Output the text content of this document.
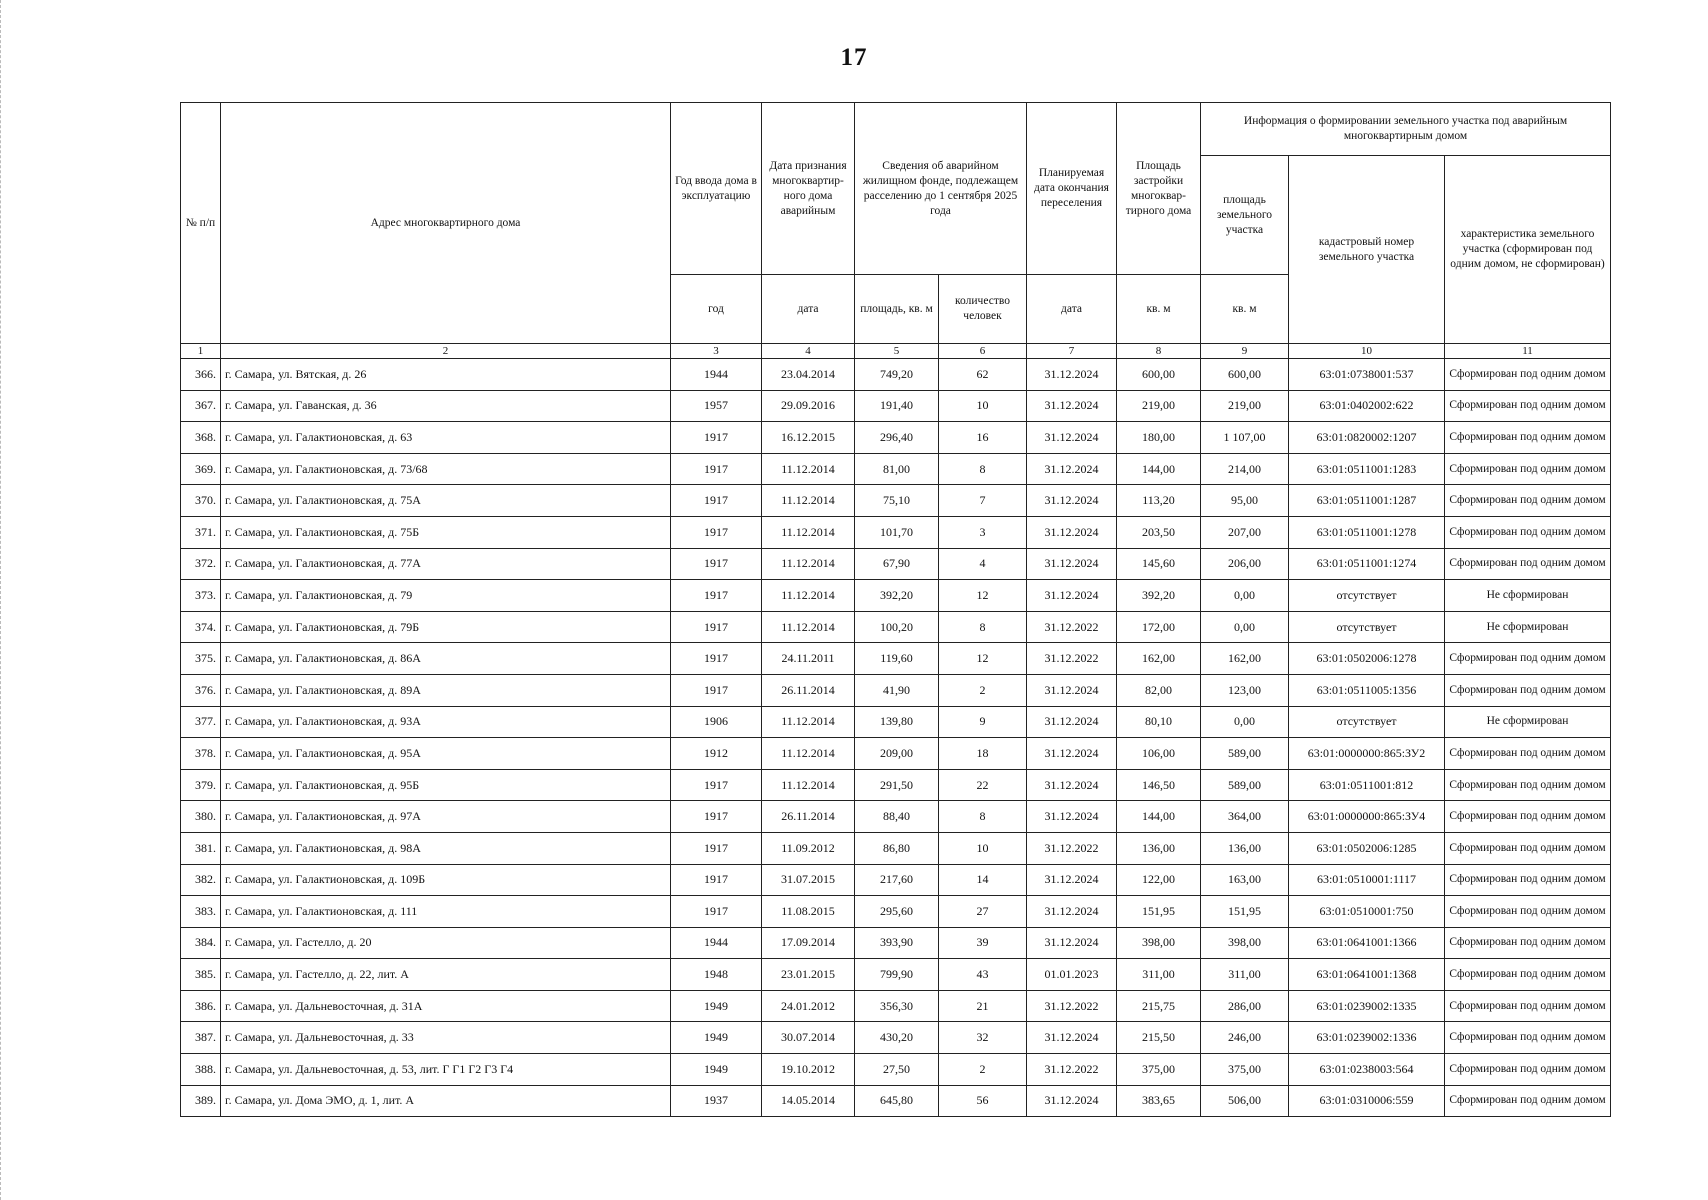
17
№ п/п	Адрес многоквартирного дома	Год ввода дома в эксплуатацию	Дата признания многоквартир-ного дома аварийным	Сведения об аварийном жилищном фонде, подлежащем расселению до 1 сентября 2025 года		Планируемая дата окончания переселения	Площадь застройки многоквар-тирного дома	Информация о формировании земельного участка под аварийным многоквартирным домом		
								площадь земельного участка	кадастровый номер земельного участка	характеристика земельного участка (сформирован под одним домом, не сформирован)
		год	дата	площадь, кв. м	количество человек	дата	кв. м	кв. м		
1	2	3	4	5	6	7	8	9	10	11
366.	г. Самара, ул. Вятская, д. 26	1944	23.04.2014	749,20	62	31.12.2024	600,00	600,00	63:01:0738001:537	Сформирован под одним домом
367.	г. Самара, ул. Гаванская, д. 36	1957	29.09.2016	191,40	10	31.12.2024	219,00	219,00	63:01:0402002:622	Сформирован под одним домом
368.	г. Самара, ул. Галактионовская, д. 63	1917	16.12.2015	296,40	16	31.12.2024	180,00	1 107,00	63:01:0820002:1207	Сформирован под одним домом
369.	г. Самара, ул. Галактионовская, д. 73/68	1917	11.12.2014	81,00	8	31.12.2024	144,00	214,00	63:01:0511001:1283	Сформирован под одним домом
370.	г. Самара, ул. Галактионовская, д. 75А	1917	11.12.2014	75,10	7	31.12.2024	113,20	95,00	63:01:0511001:1287	Сформирован под одним домом
371.	г. Самара, ул. Галактионовская, д. 75Б	1917	11.12.2014	101,70	3	31.12.2024	203,50	207,00	63:01:0511001:1278	Сформирован под одним домом
372.	г. Самара, ул. Галактионовская, д. 77А	1917	11.12.2014	67,90	4	31.12.2024	145,60	206,00	63:01:0511001:1274	Сформирован под одним домом
373.	г. Самара, ул. Галактионовская, д. 79	1917	11.12.2014	392,20	12	31.12.2024	392,20	0,00	отсутствует	Не сформирован
374.	г. Самара, ул. Галактионовская, д. 79Б	1917	11.12.2014	100,20	8	31.12.2022	172,00	0,00	отсутствует	Не сформирован
375.	г. Самара, ул. Галактионовская, д. 86А	1917	24.11.2011	119,60	12	31.12.2022	162,00	162,00	63:01:0502006:1278	Сформирован под одним домом
376.	г. Самара, ул. Галактионовская, д. 89А	1917	26.11.2014	41,90	2	31.12.2024	82,00	123,00	63:01:0511005:1356	Сформирован под одним домом
377.	г. Самара, ул. Галактионовская, д. 93А	1906	11.12.2014	139,80	9	31.12.2024	80,10	0,00	отсутствует	Не сформирован
378.	г. Самара, ул. Галактионовская, д. 95А	1912	11.12.2014	209,00	18	31.12.2024	106,00	589,00	63:01:0000000:865:ЗУ2	Сформирован под одним домом
379.	г. Самара, ул. Галактионовская, д. 95Б	1917	11.12.2014	291,50	22	31.12.2024	146,50	589,00	63:01:0511001:812	Сформирован под одним домом
380.	г. Самара, ул. Галактионовская, д. 97А	1917	26.11.2014	88,40	8	31.12.2024	144,00	364,00	63:01:0000000:865:ЗУ4	Сформирован под одним домом
381.	г. Самара, ул. Галактионовская, д. 98А	1917	11.09.2012	86,80	10	31.12.2022	136,00	136,00	63:01:0502006:1285	Сформирован под одним домом
382.	г. Самара, ул. Галактионовская, д. 109Б	1917	31.07.2015	217,60	14	31.12.2024	122,00	163,00	63:01:0510001:1117	Сформирован под одним домом
383.	г. Самара, ул. Галактионовская, д. 111	1917	11.08.2015	295,60	27	31.12.2024	151,95	151,95	63:01:0510001:750	Сформирован под одним домом
384.	г. Самара, ул. Гастелло, д. 20	1944	17.09.2014	393,90	39	31.12.2024	398,00	398,00	63:01:0641001:1366	Сформирован под одним домом
385.	г. Самара, ул. Гастелло, д. 22, лит. А	1948	23.01.2015	799,90	43	01.01.2023	311,00	311,00	63:01:0641001:1368	Сформирован под одним домом
386.	г. Самара, ул. Дальневосточная, д. 31А	1949	24.01.2012	356,30	21	31.12.2022	215,75	286,00	63:01:0239002:1335	Сформирован под одним домом
387.	г. Самара, ул. Дальневосточная, д. 33	1949	30.07.2014	430,20	32	31.12.2024	215,50	246,00	63:01:0239002:1336	Сформирован под одним домом
388.	г. Самара, ул. Дальневосточная, д. 53, лит. Г Г1 Г2 Г3 Г4	1949	19.10.2012	27,50	2	31.12.2022	375,00	375,00	63:01:0238003:564	Сформирован под одним домом
389.	г. Самара, ул. Дома ЭМО, д. 1, лит. А	1937	14.05.2014	645,80	56	31.12.2024	383,65	506,00	63:01:0310006:559	Сформирован под одним домом
